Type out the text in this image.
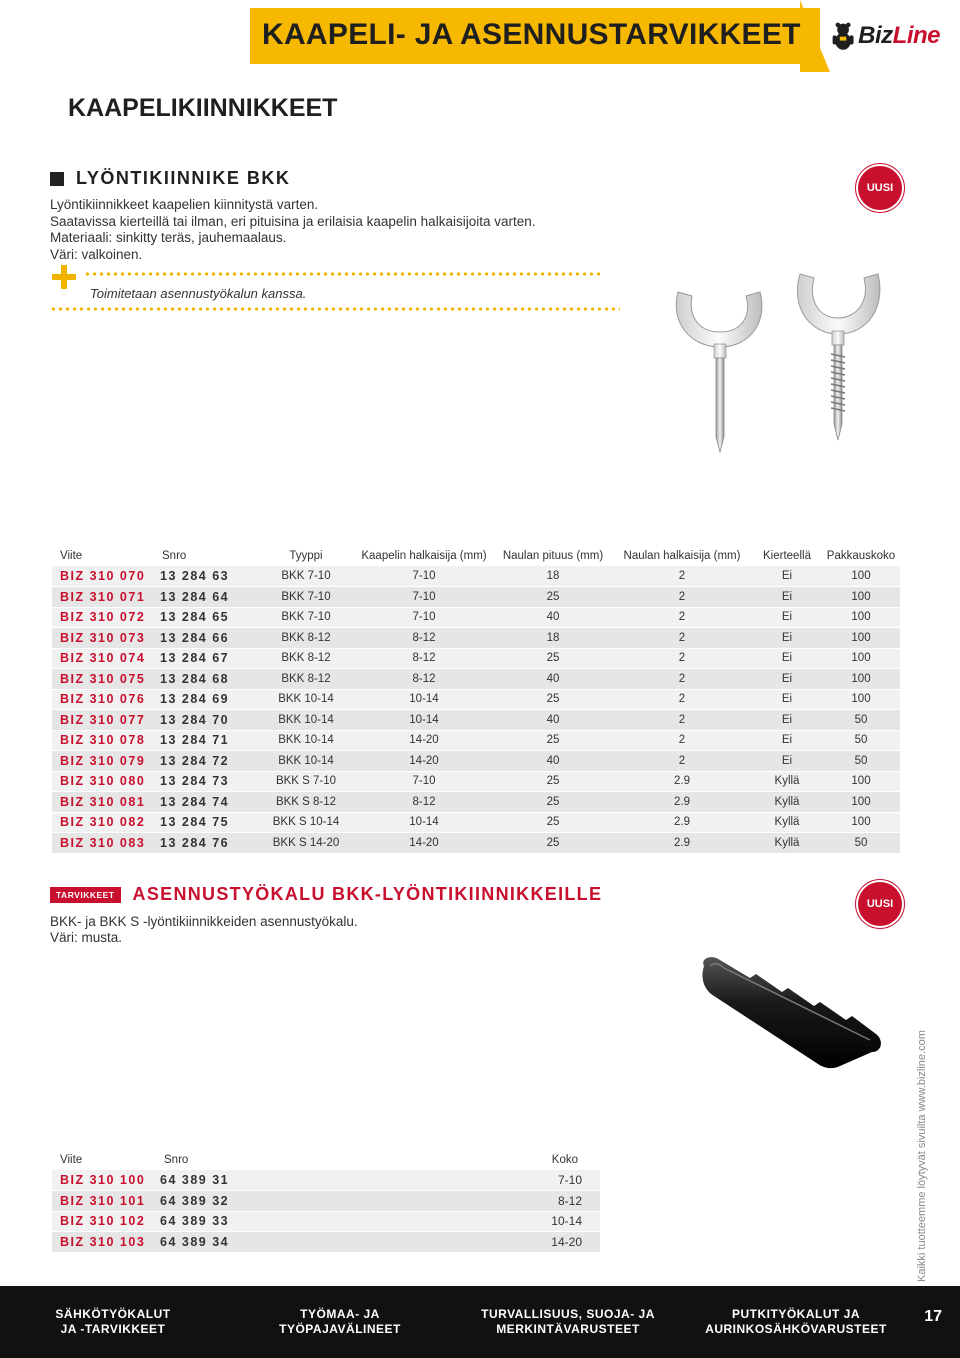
KAAPELI- JA ASENNUSTARVIKKEET BizLine
KAAPELIKIINNIKKEET
LYÖNTIKIINNIKE BKK
Lyöntikiinnikkeet kaapelien kiinnitystä varten.
Saatavissa kierteillä tai ilman, eri pituisina ja erilaisia kaapelin halkaisijoita varten.
Materiaali: sinkitty teräs, jauhemaalaus.
Väri: valkoinen.
Toimitetaan asennustyökalun kanssa.
UUSI
Viite	Snro	Tyyppi	Kaapelin halkaisija (mm)	Naulan pituus (mm)	Naulan halkaisija (mm)	Kierteellä	Pakkauskoko
BIZ 310 070	13 284 63	BKK 7-10	7-10	18	2	Ei	100
BIZ 310 071	13 284 64	BKK 7-10	7-10	25	2	Ei	100
BIZ 310 072	13 284 65	BKK 7-10	7-10	40	2	Ei	100
BIZ 310 073	13 284 66	BKK 8-12	8-12	18	2	Ei	100
BIZ 310 074	13 284 67	BKK 8-12	8-12	25	2	Ei	100
BIZ 310 075	13 284 68	BKK 8-12	8-12	40	2	Ei	100
BIZ 310 076	13 284 69	BKK 10-14	10-14	25	2	Ei	100
BIZ 310 077	13 284 70	BKK 10-14	10-14	40	2	Ei	50
BIZ 310 078	13 284 71	BKK 10-14	14-20	25	2	Ei	50
BIZ 310 079	13 284 72	BKK 10-14	14-20	40	2	Ei	50
BIZ 310 080	13 284 73	BKK S 7-10	7-10	25	2.9	Kyllä	100
BIZ 310 081	13 284 74	BKK S 8-12	8-12	25	2.9	Kyllä	100
BIZ 310 082	13 284 75	BKK S 10-14	10-14	25	2.9	Kyllä	100
BIZ 310 083	13 284 76	BKK S 14-20	14-20	25	2.9	Kyllä	50
TARVIKKEET	ASENNUSTYÖKALU BKK-LYÖNTIKIINNIKKEILLE
BKK- ja BKK S -lyöntikiinnikkeiden asennustyökalu.
Väri: musta.
UUSI
Viite	Snro	Koko
BIZ 310 100	64 389 31	7-10
BIZ 310 101	64 389 32	8-12
BIZ 310 102	64 389 33	10-14
BIZ 310 103	64 389 34	14-20	Kaikki tuotteemme löytyvät sivuilta www.bizline.com
SÄHKÖTYÖKALUT
JA -TARVIKKEET
TYÖMAA- JA
TYÖPAJAVÄLINEET
TURVALLISUUS, SUOJA- JA
MERKINTÄVARUSTEET
PUTKITYÖKALUT JA
AURINKOSÄHKÖVARUSTEET
17
